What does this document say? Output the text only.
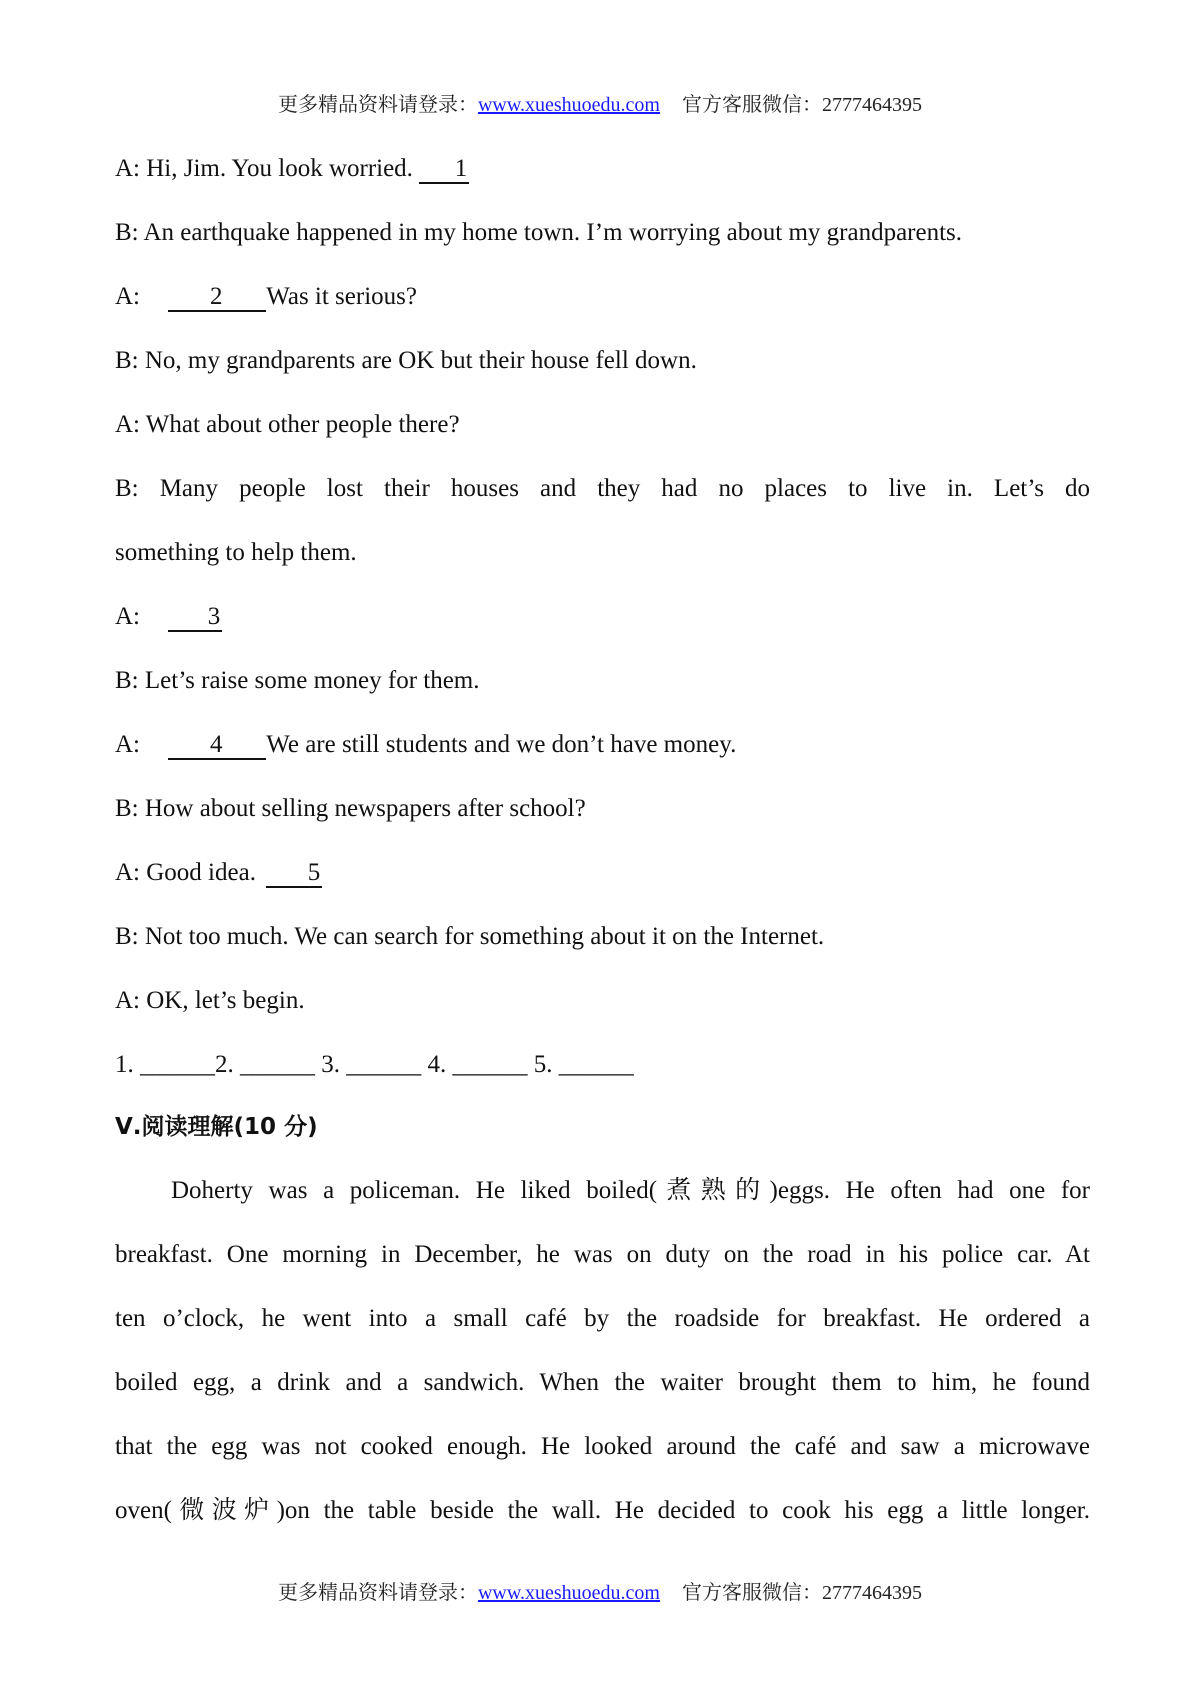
更多精品资料请登录：www.xueshuoedu.com 官方客服微信：2777464395
A: Hi, Jim. You look worried. 1
B: An earthquake happened in my home town. I’m worrying about my grandparents.
A:	2 Was it serious?
B: No, my grandparents are OK but their house fell down.
A: What about other people there?
B: Many people lost their houses and they had no places to live in. Let’s do
something to help them.
A:	3
B: Let’s raise some money for them.
A:	4 We are still students and we don’t have money.
B: How about selling newspapers after school?
A: Good idea. 5
B: Not too much. We can search for something about it on the Internet.
A: OK, let’s begin.
1. ______2. ______ 3. ______ 4. ______ 5. ______
Ⅴ.阅读理解(10 分)
Doherty was a policeman. He liked boiled(煮熟的)eggs. He often had one for
breakfast. One morning in December, he was on duty on the road in his police car. At
ten o’clock, he went into a small café by the roadside for breakfast. He ordered a
boiled egg, a drink and a sandwich. When the waiter brought them to him, he found
that the egg was not cooked enough. He looked around the café and saw a microwave
oven(微波炉)on the table beside the wall. He decided to cook his egg a little longer.
更多精品资料请登录：www.xueshuoedu.com 官方客服微信：2777464395
